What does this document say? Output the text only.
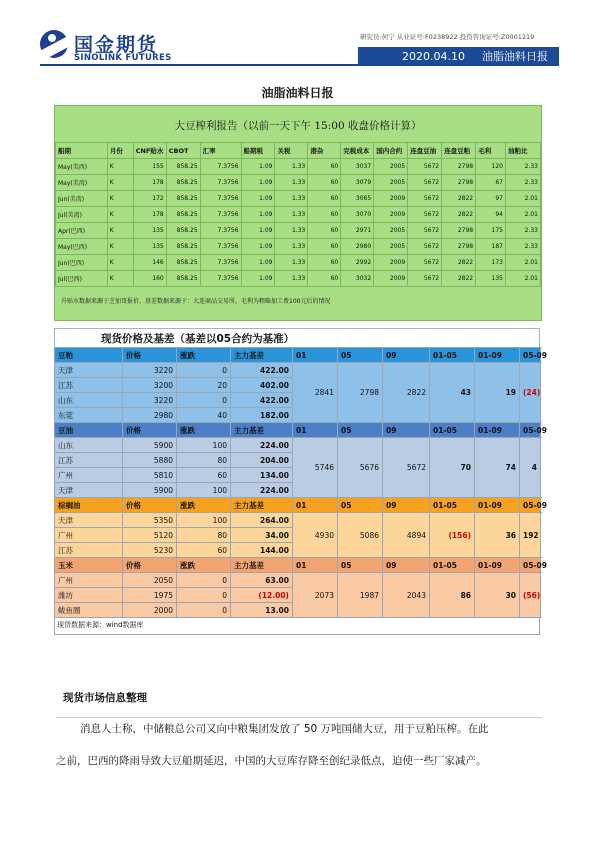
国金期货
SINOLINK FUTURES
研究员:何宁 从业证号:F0238922 投资咨询证号:Z0001219
2020.04.10 油脂油料日报
油脂油料日报
大豆榨利报告（以前一天下午 15:00 收盘价格计算）
船期	月份	CNF贴水	CBOT	汇率	船期税	关税	港杂	完税成本	国内合约	连盘豆油	连盘豆粕	毛利	油粕比
May(美西)	K	155	858.25	7.3756	1.09	1.33	60	3037	2005	5672	2798	120	2.33
May(美湾)	K	178	858.25	7.3756	1.09	1.33	60	3079	2005	5672	2798	67	2.33
Jun(美湾)	K	172	858.25	7.3756	1.09	1.33	60	3065	2009	5672	2822	97	2.01
Jul(美湾)	K	178	858.25	7.3756	1.09	1.33	60	3070	2009	5672	2822	94	2.01
Apr(巴西)	K	135	858.25	7.3756	1.09	1.33	60	2971	2005	5672	2798	175	2.33
May(巴西)	K	135	858.25	7.3756	1.09	1.33	60	2980	2005	5672	2798	187	2.33
Jun(巴西)	K	146	858.25	7.3756	1.09	1.33	60	2992	2009	5672	2822	173	2.01
Jul(巴西)	K	160	858.25	7.3756	1.09	1.33	60	3032	2009	5672	2822	135	2.01
升贴水数据来源于芝加哥报价，基差数据来源于：大连商品交易所，毛利为粗略加工费100元后的情况
现货价格及基差（基差以05合约为基准）
豆粕	价格	涨跌	主力基差	01	05	09	01-05	01-09	05-09
天津	3220	0	422.00	2841	2798	2822	43	19	(24)
江苏	3200	20	402.00						
山东	3220	0	422.00						
东莞	2980	40	182.00						
豆油	价格	涨跌	主力基差	01	05	09	01-05	01-09	05-09
山东	5900	100	224.00	5746	5676	5672	70	74	4
江苏	5880	80	204.00						
广州	5810	60	134.00						
天津	5900	100	224.00						
棕榈油	价格	涨跌	主力基差	01	05	09	01-05	01-09	05-09
天津	5350	100	264.00	4930	5086	4894	(156)	36	192
广州	5120	80	34.00						
江苏	5230	60	144.00						
玉米	价格	涨跌	主力基差	01	05	09	01-05	01-09	05-09
广州	2050	0	63.00	2073	1987	2043	86	30	(56)
潍坊	1975	0	(12.00)						
鲅鱼圈	2000	0	13.00						
现货数据来源：wind数据库
现货市场信息整理
消息人士称，中储粮总公司又向中粮集团发放了 50 万吨国储大豆，用于豆粕压榨。在此
之前，巴西的降雨导致大豆船期延迟，中国的大豆库存降至创纪录低点，迫使一些厂家减产。
